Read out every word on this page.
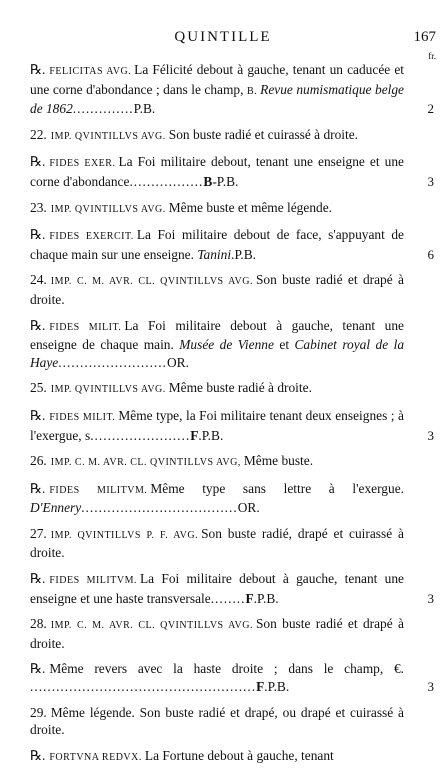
QUINTILLE	167
fr.

℞. FELICITAS AVG. La Félicité debout à gauche, tenant un caducée et une corne d'abondance ; dans le champ, B. Revue numismatique belge de 1862..............P.B.	2

22. IMP. QVINTILLVS AVG. Son buste radié et cuirassé à droite.

℞. FIDES EXER. La Foi militaire debout, tenant une enseigne et une corne d'abondance.................B-P.B.	3

23. IMP. QVINTILLVS AVG. Même buste et même légende.

℞. FIDES EXERCIT. La Foi militaire debout de face, s'appuyant de chaque main sur une enseigne. Tanini.P.B.	6

24. IMP. C. M. AVR. CL. QVINTILLVS AVG. Son buste radié et drapé à droite.

℞. FIDES MILIT. La Foi militaire debout à gauche, tenant une enseigne de chaque main. Musée de Vienne et Cabinet royal de la Haye.........................OR.

25. IMP. QVINTILLVS AVG. Même buste radié à droite.

℞. FIDES MILIT. Même type, la Foi militaire tenant deux enseignes ; à l'exergue, s.......................F.P.B.	3

26. IMP. C. M. AVR. CL. QVINTILLVS AVG, Même buste.

℞. FIDES MILITVM. Même type sans lettre à l'exergue. D'Ennery....................................OR.

27. IMP. QVINTILLVS P. F. AVG. Son buste radié, drapé et cuirassé à droite.

℞. FIDES MILITVM. La Foi militaire debout à gauche, tenant une enseigne et une haste transversale........F.P.B.	3

28. IMP. C. M. AVR. CL. QVINTILLVS AVG. Son buste radié et drapé à droite.

℞. Même revers avec la haste droite ; dans le champ, €. ....................................................F.P.B.	3

29. Même légende. Son buste radié et drapé, ou drapé et cuirassé à droite.

℞. FORTVNA REDVX. La Fortune debout à gauche, tenant
